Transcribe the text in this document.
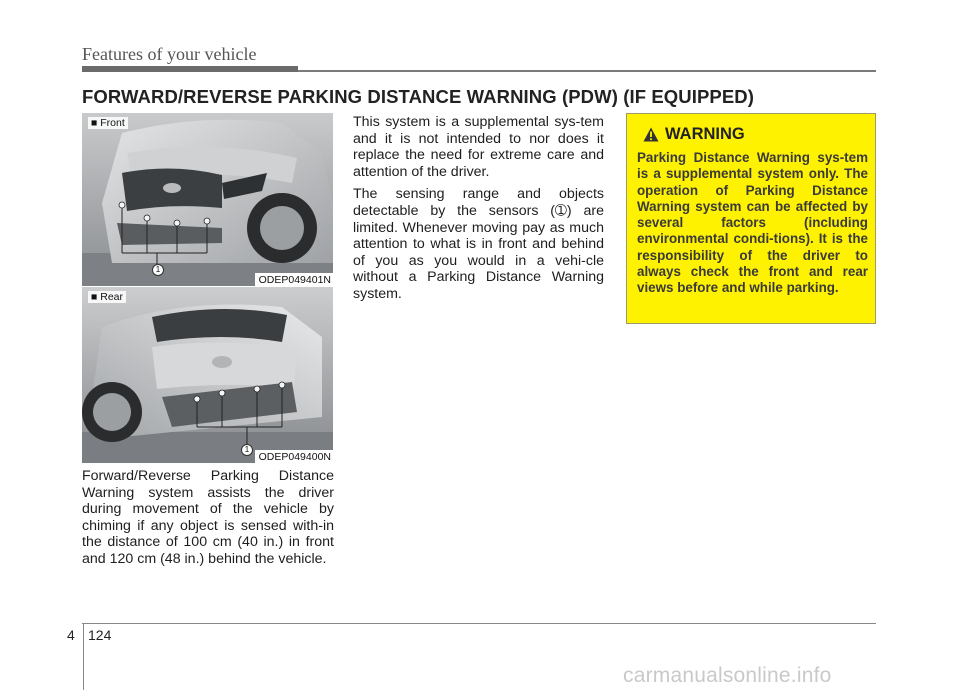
Features of your vehicle
FORWARD/REVERSE PARKING DISTANCE WARNING (PDW) (IF EQUIPPED)
■ Front
1
ODEP049401N
■ Rear
1
ODEP049400N

Forward/Reverse Parking Distance Warning system assists the driver during movement of the vehicle by chiming if any object is sensed with-in the distance of 100 cm (40 in.) in front and 120 cm (48 in.) behind the vehicle.

This system is a supplemental sys-tem and it is not intended to nor does it replace the need for extreme care and attention of the driver.

The sensing range and objects detectable by the sensors (➀) are limited. Whenever moving pay as much attention to what is in front and behind of you as you would in a vehi-cle without a Parking Distance Warning system.

WARNING
Parking Distance Warning sys-tem is a supplemental system only. The operation of Parking Distance Warning system can be affected by several factors (including environmental condi-tions). It is the responsibility of the driver to always check the front and rear views before and while parking.
4 124
carmanualsonline.info
